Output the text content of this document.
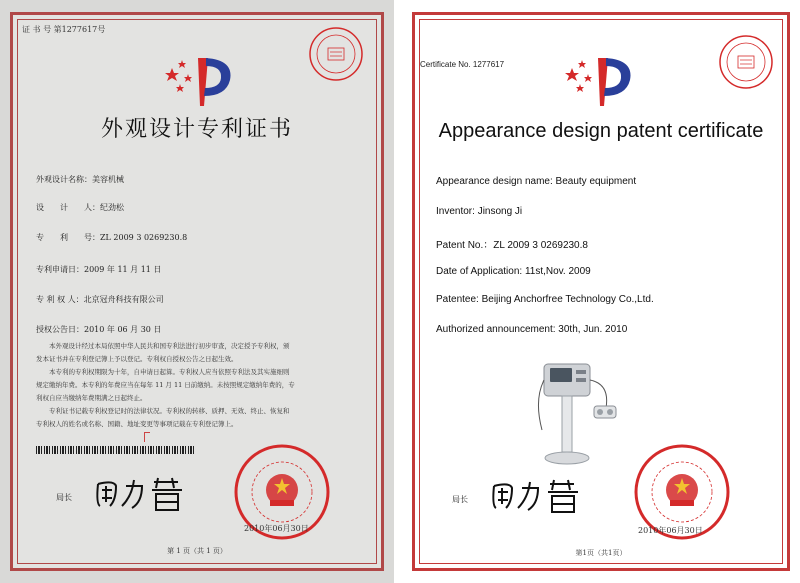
证 书 号 第1277617号
外观设计专利证书
外观设计名称：美容机械
设　　计　　人：纪劲松
专　　利　　号：ZL 2009 3 0269230.8
专利申请日：2009 年 11 月 11 日
专 利 权 人：北京冠舟科技有限公司
授权公告日：2010 年 06 月 30 日
　　本外观设计经过本局依照中华人民共和国专利法进行初步审查，决定授予专利权，颁
发本证书并在专利登记簿上予以登记。专利权自授权公告之日起生效。
　　本专利的专利权期限为十年，自申请日起算。专利权人应当依照专利法及其实施细则
规定缴纳年费。本专利的年费应当在每年 11 月 11 日前缴纳。未按照规定缴纳年费的，专
利权自应当缴纳年费期满之日起终止。
　　专利证书记载专利权登记时的法律状况。专利权的转移、质押、无效、终止、恢复和
专利权人的姓名或名称、国籍、地址变更等事项记载在专利登记簿上。
局长
2010年06月30日
第 1 页（共 1 页）
Certificate No. 1277617
Appearance design patent certificate
Appearance design name: Beauty equipment
Inventor: Jinsong Ji
Patent No.：ZL 2009 3 0269230.8
Date of Application: 11st,Nov. 2009
Patentee: Beijing Anchorfree Technology Co.,Ltd.
Authorized announcement: 30th, Jun. 2010
局长
2010年06月30日
第1页（共1页）
